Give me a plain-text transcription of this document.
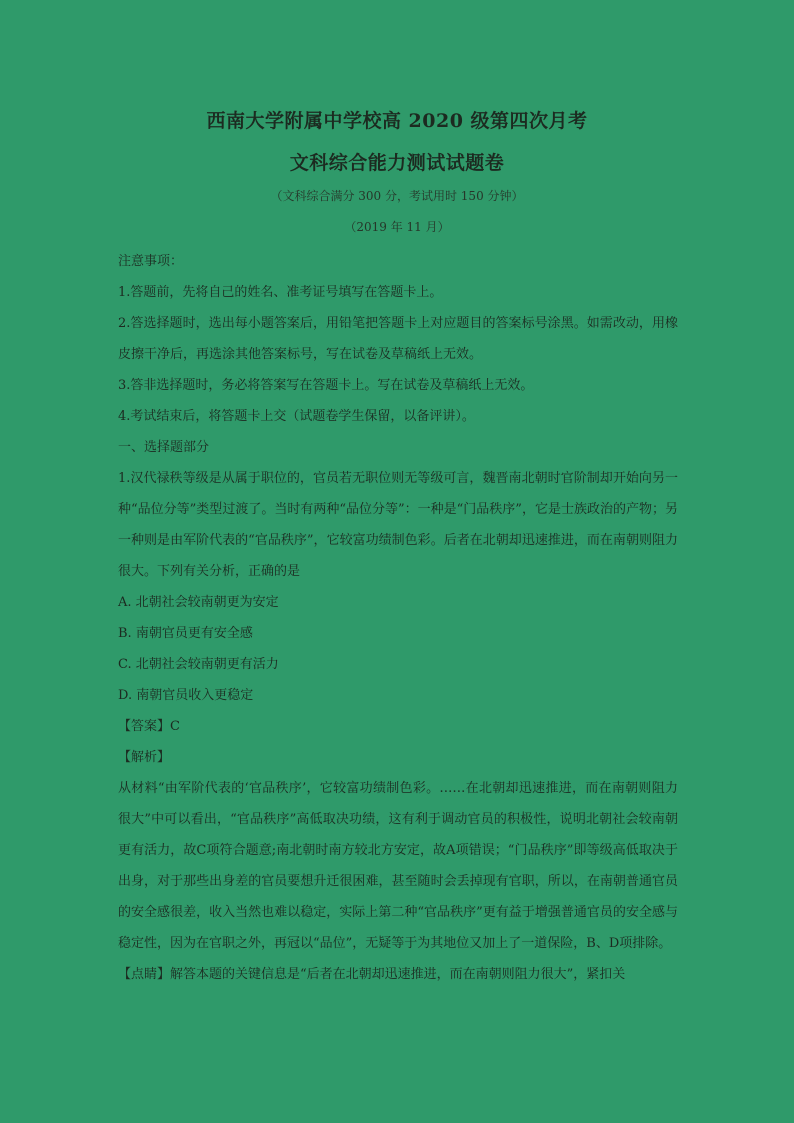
西南大学附属中学校高 2020 级第四次月考
文科综合能力测试试题卷
（文科综合满分 300 分，考试用时 150 分钟）
（2019 年 11 月）

注意事项：

1.答题前，先将自己的姓名、准考证号填写在答题卡上。

2.答选择题时，选出每小题答案后，用铅笔把答题卡上对应题目的答案标号涂黑。如需改动，用橡皮擦干净后，再选涂其他答案标号，写在试卷及草稿纸上无效。

3.答非选择题时，务必将答案写在答题卡上。写在试卷及草稿纸上无效。

4.考试结束后，将答题卡上交（试题卷学生保留，以备评讲）。

一、选择题部分

1.汉代禄秩等级是从属于职位的，官员若无职位则无等级可言，魏晋南北朝时官阶制却开始向另一种“品位分等”类型过渡了。当时有两种“品位分等”：一种是“门品秩序”，它是士族政治的产物；另一种则是由军阶代表的“官品秩序”，它较富功绩制色彩。后者在北朝却迅速推进，而在南朝则阻力很大。下列有关分析，正确的是

A. 北朝社会较南朝更为安定

B. 南朝官员更有安全感

C. 北朝社会较南朝更有活力

D. 南朝官员收入更稳定

【答案】C

【解析】

从材料“由军阶代表的‘官品秩序’，它较富功绩制色彩。……在北朝却迅速推进，而在南朝则阻力很大”中可以看出，“官品秩序”高低取决功绩，这有利于调动官员的积极性，说明北朝社会较南朝更有活力，故C项符合题意;南北朝时南方较北方安定，故A项错误；“门品秩序”即等级高低取决于出身，对于那些出身差的官员要想升迁很困难，甚至随时会丢掉现有官职，所以，在南朝普通官员的安全感很差，收入当然也难以稳定，实际上第二种“官品秩序”更有益于增强普通官员的安全感与稳定性，因为在官职之外，再冠以“品位”，无疑等于为其地位又加上了一道保险，B、D项排除。

【点睛】解答本题的关键信息是“后者在北朝却迅速推进，而在南朝则阻力很大”，紧扣关
